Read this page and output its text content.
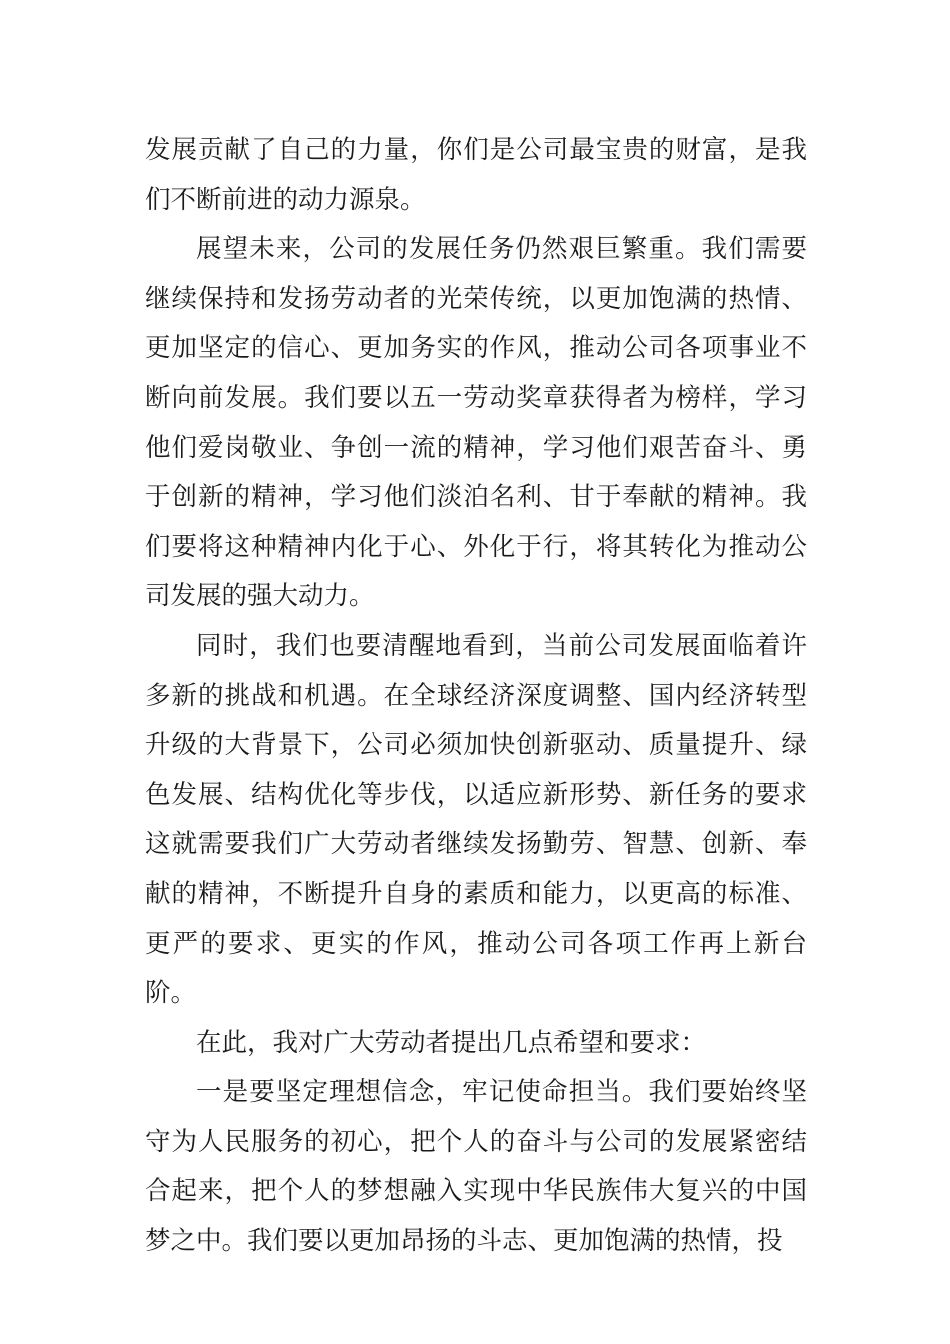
发展贡献了自己的力量，你们是公司最宝贵的财富，是我们不断前进的动力源泉。

展望未来，公司的发展任务仍然艰巨繁重。我们需要继续保持和发扬劳动者的光荣传统，以更加饱满的热情、更加坚定的信心、更加务实的作风，推动公司各项事业不断向前发展。我们要以五一劳动奖章获得者为榜样，学习他们爱岗敬业、争创一流的精神，学习他们艰苦奋斗、勇于创新的精神，学习他们淡泊名利、甘于奉献的精神。我们要将这种精神内化于心、外化于行，将其转化为推动公司发展的强大动力。

同时，我们也要清醒地看到，当前公司发展面临着许多新的挑战和机遇。在全球经济深度调整、国内经济转型升级的大背景下，公司必须加快创新驱动、质量提升、绿色发展、结构优化等步伐，以适应新形势、新任务的要求这就需要我们广大劳动者继续发扬勤劳、智慧、创新、奉献的精神，不断提升自身的素质和能力，以更高的标准、更严的要求、更实的作风，推动公司各项工作再上新台阶。

在此，我对广大劳动者提出几点希望和要求：

一是要坚定理想信念，牢记使命担当。我们要始终坚守为人民服务的初心，把个人的奋斗与公司的发展紧密结合起来，把个人的梦想融入实现中华民族伟大复兴的中国梦之中。我们要以更加昂扬的斗志、更加饱满的热情，投
